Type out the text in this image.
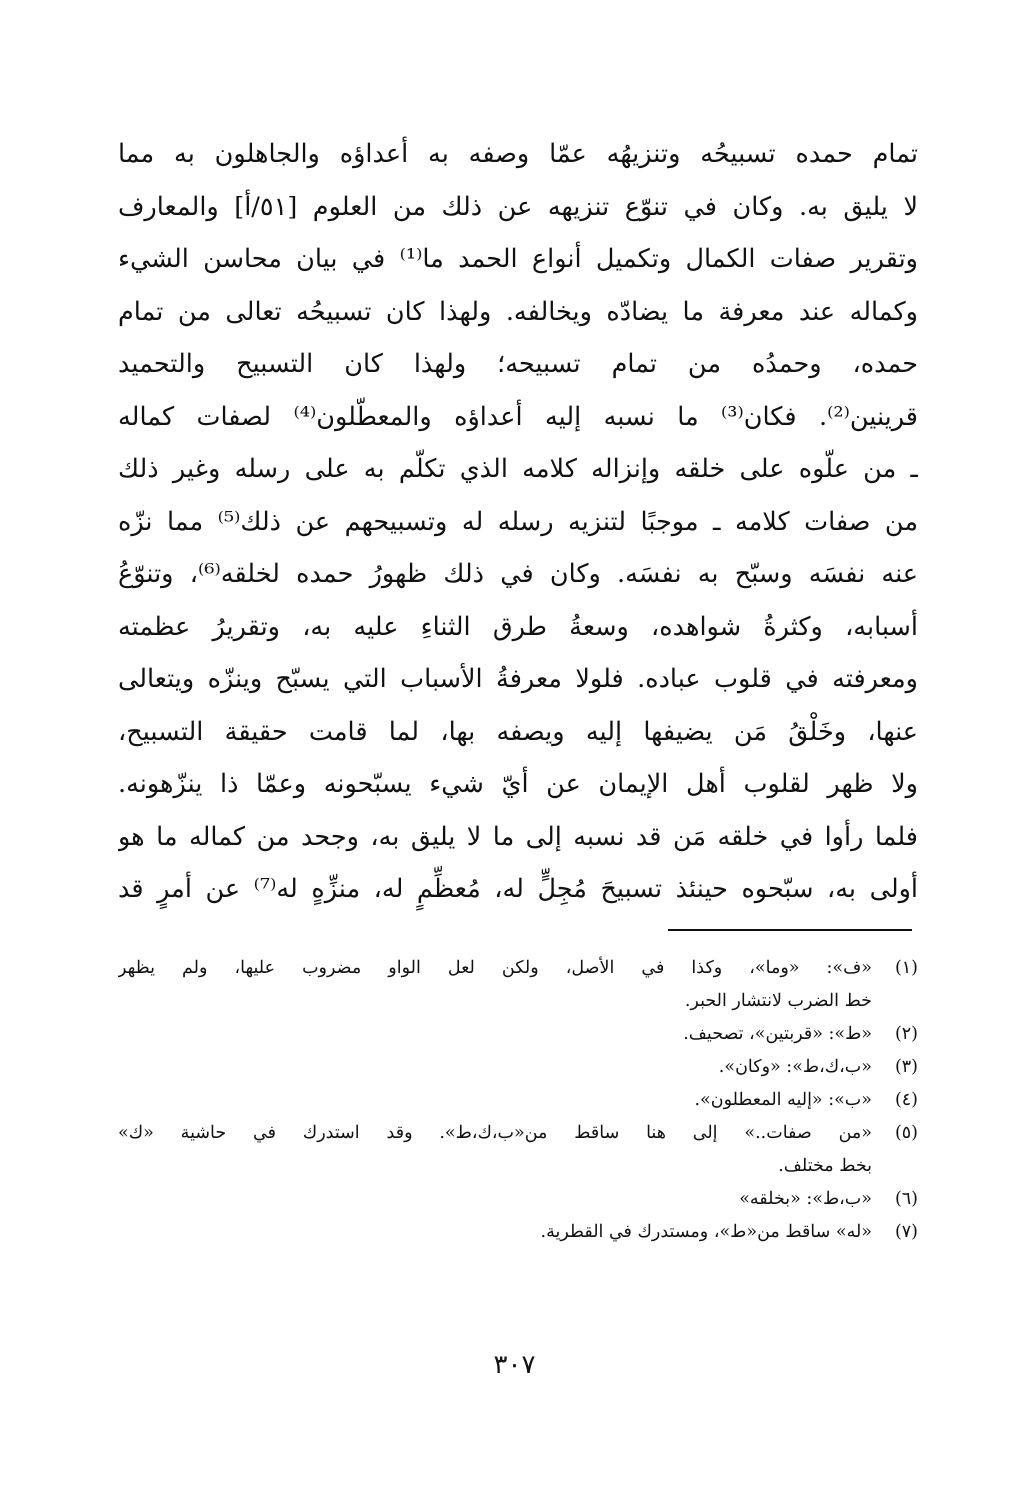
تمام حمده تسبيحُه وتنزيهُه عمّا وصفه به أعداؤه والجاهلون به مما
لا يليق به. وكان في تنوّع تنزيهه عن ذلك من العلوم [٥١/أ] والمعارف
وتقرير صفات الكمال وتكميل أنواع الحمد ما⁽¹⁾ في بيان محاسن الشيء
وكماله عند معرفة ما يضادّه ويخالفه. ولهذا كان تسبيحُه تعالى من تمام
حمده، وحمدُه من تمام تسبيحه؛ ولهذا كان التسبيح والتحميد
قرينين⁽²⁾. فكان⁽³⁾ ما نسبه إليه أعداؤه والمعطّلون⁽⁴⁾ لصفات كماله
ـ من علّوه على خلقه وإنزاله كلامه الذي تكلّم به على رسله وغير ذلك
من صفات كلامه ـ موجبًا لتنزيه رسله له وتسبيحهم عن ذلك⁽⁵⁾ مما نزّه
عنه نفسَه وسبّح به نفسَه. وكان في ذلك ظهورُ حمده لخلقه⁽⁶⁾، وتنوّعُ
أسبابه، وكثرةُ شواهده، وسعةُ طرق الثناءِ عليه به، وتقريرُ عظمته
ومعرفته في قلوب عباده. فلولا معرفةُ الأسباب التي يسبّح وينزّه ويتعالى
عنها، وخَلْقُ مَن يضيفها إليه ويصفه بها، لما قامت حقيقة التسبيح،
ولا ظهر لقلوب أهل الإيمان عن أيّ شيء يسبّحونه وعمّا ذا ينزّهونه.
فلما رأوا في خلقه مَن قد نسبه إلى ما لا يليق به، وجحد من كماله ما هو
أولى به، سبّحوه حينئذ تسبيحَ مُجِلٍّ له، مُعظِّمٍ له، منزِّهٍ له⁽⁷⁾ عن أمرٍ قد
(١)
«ف»: «وما»، وكذا في الأصل، ولكن لعل الواو مضروب عليها، ولم يظهر
خط الضرب لانتشار الحبر.
(٢)
«ط»: «قربتين»، تصحيف.
(٣)
«ب،ك،ط»: «وكان».
(٤)
«ب»: «إليه المعطلون».
(٥)
«من صفات..» إلى هنا ساقط من«ب،ك،ط». وقد استدرك في حاشية «ك»
بخط مختلف.
(٦)
«ب،ط»: «بخلقه»
(٧)
«له» ساقط من«ط»، ومستدرك في القطرية.
٣٠٧
